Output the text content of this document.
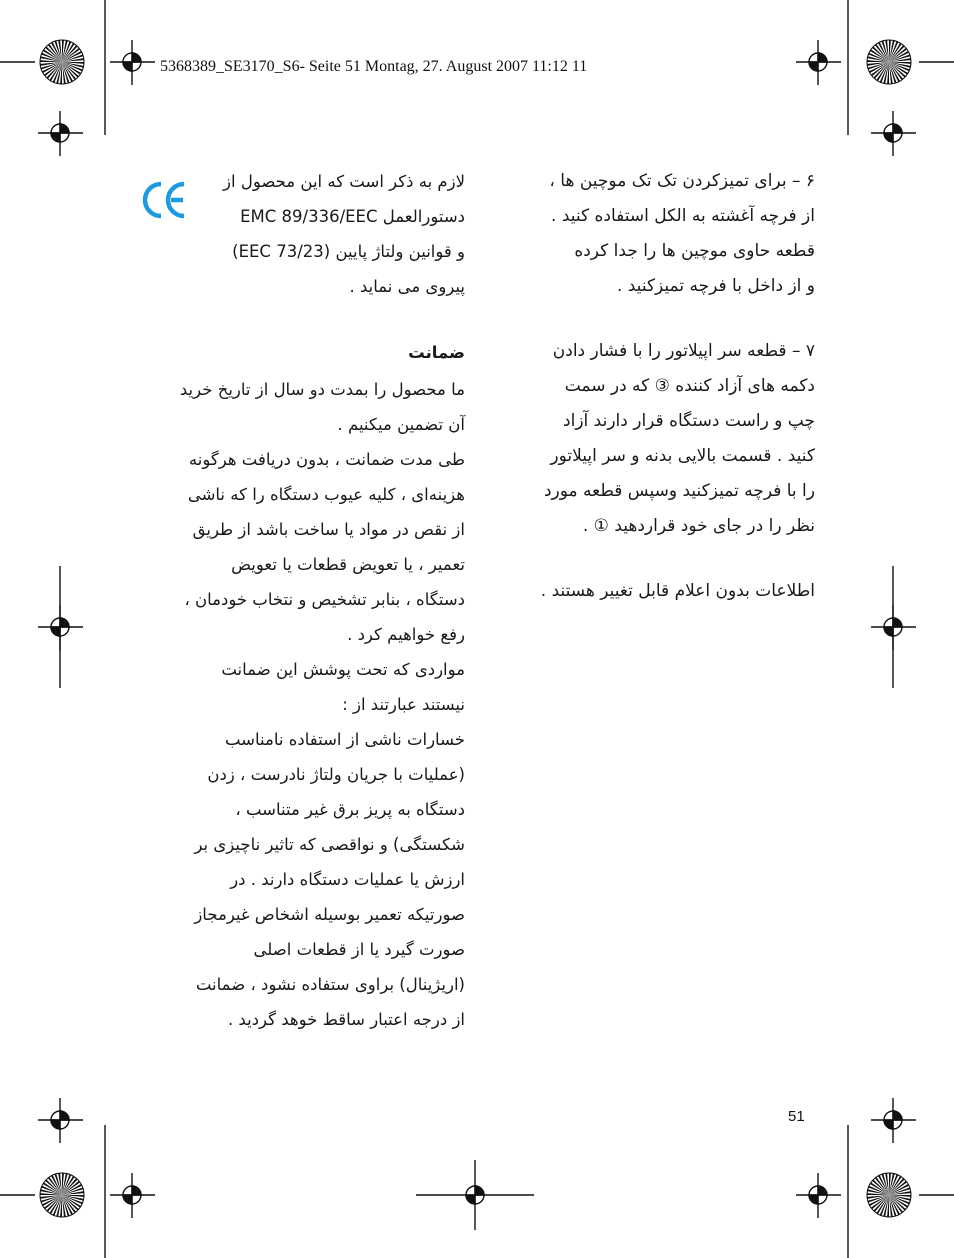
5368389_SE3170_S6- Seite 51 Montag, 27. August 2007 11:12 11
۶ – برای تمیزکردن تک تک موچین ها ،
از فرچه آغشته به الکل استفاده کنید .
قطعه حاوی موچین ها را جدا کرده
و از داخل با فرچه تمیزکنید .
۷ – قطعه سر اپیلاتور را با فشار دادن
دکمه های آزاد کننده ③ که در سمت
چپ و راست دستگاه قرار دارند آزاد
کنید . قسمت بالایی بدنه و سر اپیلاتور
را با فرچه تمیزکنید وسپس قطعه مورد
نظر را در جای خود قراردهید ① .
اطلاعات بدون اعلام قابل تغییر هستند .
لازم به ذکر است که این محصول از
دستورالعمل EMC 89/336/EEC
و قوانین ولتاژ پایین (73/23 EEC)
پیروی می نماید .
ضمانت
ما محصول را بمدت دو سال از تاریخ خرید
آن تضمین میکنیم .
طی مدت ضمانت ، بدون دریافت هرگونه
هزینه‌ای ، کلیه عیوب دستگاه را که ناشی
از نقص در مواد یا ساخت باشد از طریق
تعمیر ، یا تعویض قطعات یا تعویض
دستگاه ، بنابر تشخیص و نتخاب خودمان ،
رفع خواهیم کرد .
مواردی که تحت پوشش این ضمانت
نیستند عبارتند از :
خسارات ناشی از استفاده نامناسب
(عملیات با جریان ولتاژ نادرست ، زدن
دستگاه به پریز برق غیر متناسب ،
شکستگی) و نواقصی که تاثیر ناچیزی بر
ارزش یا عملیات دستگاه دارند . در
صورتیکه تعمیر بوسیله اشخاص غیرمجاز
صورت گیرد یا از قطعات اصلی
(اریژینال) براوی ستفاده نشود ، ضمانت
از درجه اعتبار ساقط خوهد گردید .
51
